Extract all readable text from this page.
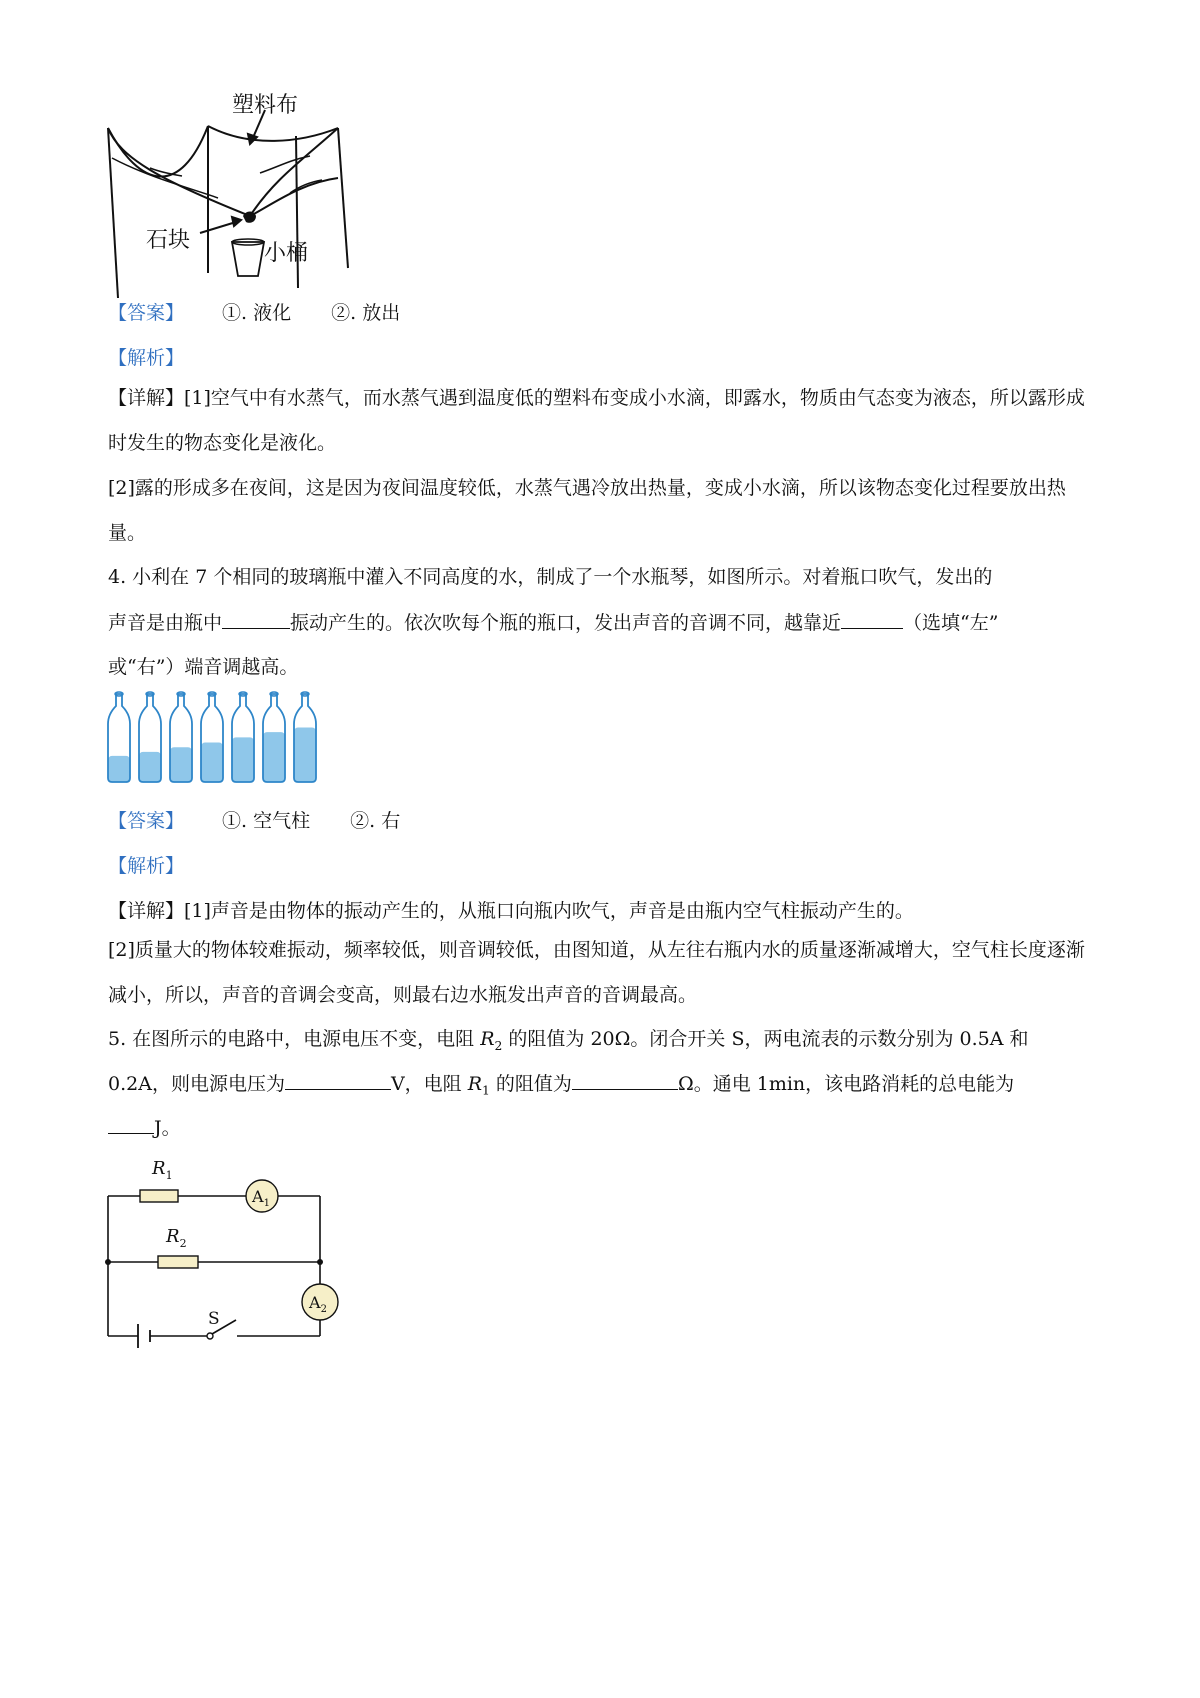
塑料布
石块
小桶
【答案】 ①. 液化 ②. 放出
【解析】
【详解】[1]空气中有水蒸气，而水蒸气遇到温度低的塑料布变成小水滴，即露水，物质由气态变为液态，所以露形成时发生的物态变化是液化。
[2]露的形成多在夜间，这是因为夜间温度较低，水蒸气遇冷放出热量，变成小水滴，所以该物态变化过程要放出热量。
4. 小利在 7 个相同的玻璃瓶中灌入不同高度的水，制成了一个水瓶琴，如图所示。对着瓶口吹气，发出的
声音是由瓶中	振动产生的。依次吹每个瓶的瓶口，发出声音的音调不同，越靠近	（选填“左”
或“右”）端音调越高。
【答案】 ①. 空气柱 ②. 右
【解析】
【详解】[1]声音是由物体的振动产生的，从瓶口向瓶内吹气，声音是由瓶内空气柱振动产生的。
[2]质量大的物体较难振动，频率较低，则音调较低，由图知道，从左往右瓶内水的质量逐渐减增大，空气柱长度逐渐减小，所以，声音的音调会变高，则最右边水瓶发出声音的音调最高。
5. 在图所示的电路中，电源电压不变，电阻 $R_2$ 的阻值为 20Ω。闭合开关 S，两电流表的示数分别为 0.5A 和
0.2A，则电源电压为	V，电阻 $R_1$ 的阻值为	Ω。通电 1min，该电路消耗的总电能为
J。
$R_1$
$R_2$
$A_1$
$A_2$
S
